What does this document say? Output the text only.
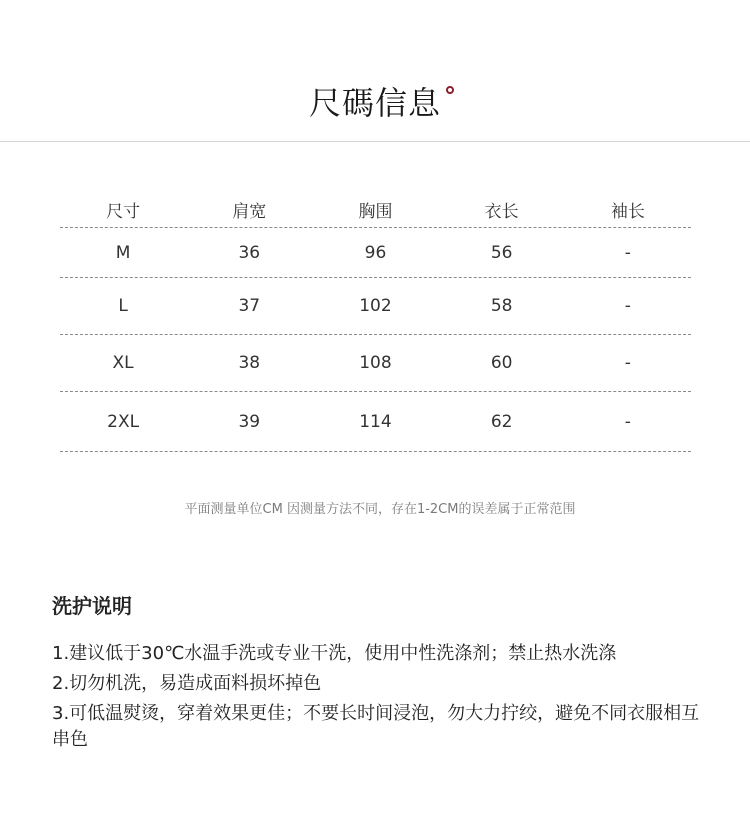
尺碼信息
尺寸	肩宽	胸围	衣长	袖长
M	36	96	56	-
L	37	102	58	-
XL	38	108	60	-
2XL	39	114	62	-
平面测量单位CM 因测量方法不同，存在1-2CM的误差属于正常范围
洗护说明

1.建议低于30℃水温手洗或专业干洗，使用中性洗涤剂；禁止热水洗涤

2.切勿机洗，易造成面料损坏掉色

3.可低温熨烫，穿着效果更佳；不要长时间浸泡，勿大力拧绞，避免不同衣服相互串色
